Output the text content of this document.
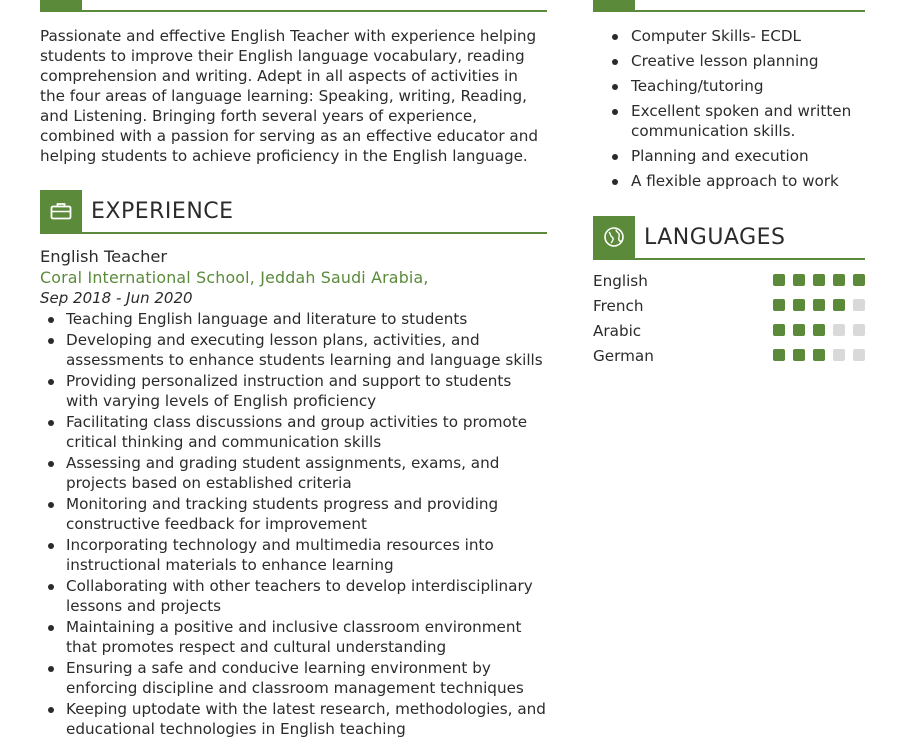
Passionate and effective English Teacher with experience helping students to improve their English language vocabulary, reading comprehension and writing. Adept in all aspects of activities in the four areas of language learning: Speaking, writing, Reading, and Listening. Bringing forth several years of experience, combined with a passion for serving as an effective educator and helping students to achieve proficiency in the English language.

EXPERIENCE
English Teacher
Coral International School, Jeddah Saudi Arabia,
Sep 2018 - Jun 2020
Teaching English language and literature to students
Developing and executing lesson plans, activities, and assessments to enhance students learning and language skills
Providing personalized instruction and support to students with varying levels of English proficiency
Facilitating class discussions and group activities to promote critical thinking and communication skills
Assessing and grading student assignments, exams, and projects based on established criteria
Monitoring and tracking students progress and providing constructive feedback for improvement
Incorporating technology and multimedia resources into instructional materials to enhance learning
Collaborating with other teachers to develop interdisciplinary lessons and projects
Maintaining a positive and inclusive classroom environment that promotes respect and cultural understanding
Ensuring a safe and conducive learning environment by enforcing discipline and classroom management techniques
Keeping uptodate with the latest research, methodologies, and educational technologies in English teaching
Computer Skills- ECDL
Creative lesson planning
Teaching/tutoring
Excellent spoken and written communication skills.
Planning and execution
A flexible approach to work
LANGUAGES
English
French
Arabic
German
